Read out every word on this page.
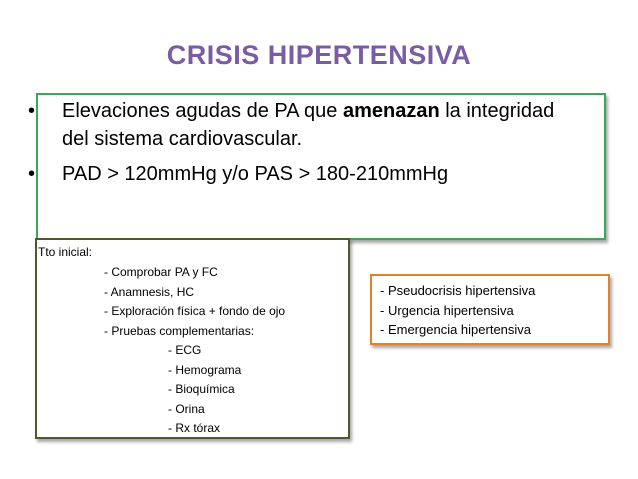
CRISIS HIPERTENSIVA
• Elevaciones agudas de PA que amenazan la integridad del sistema cardiovascular.
• PAD > 120mmHg y/o PAS > 180-210mmHg
Tto inicial:
- Comprobar PA y FC
- Anamnesis, HC
- Exploración física + fondo de ojo
- Pruebas complementarias:
- ECG
- Hemograma
- Bioquímica
- Orina
- Rx tórax
- Pseudocrisis hipertensiva
- Urgencia hipertensiva
- Emergencia hipertensiva
